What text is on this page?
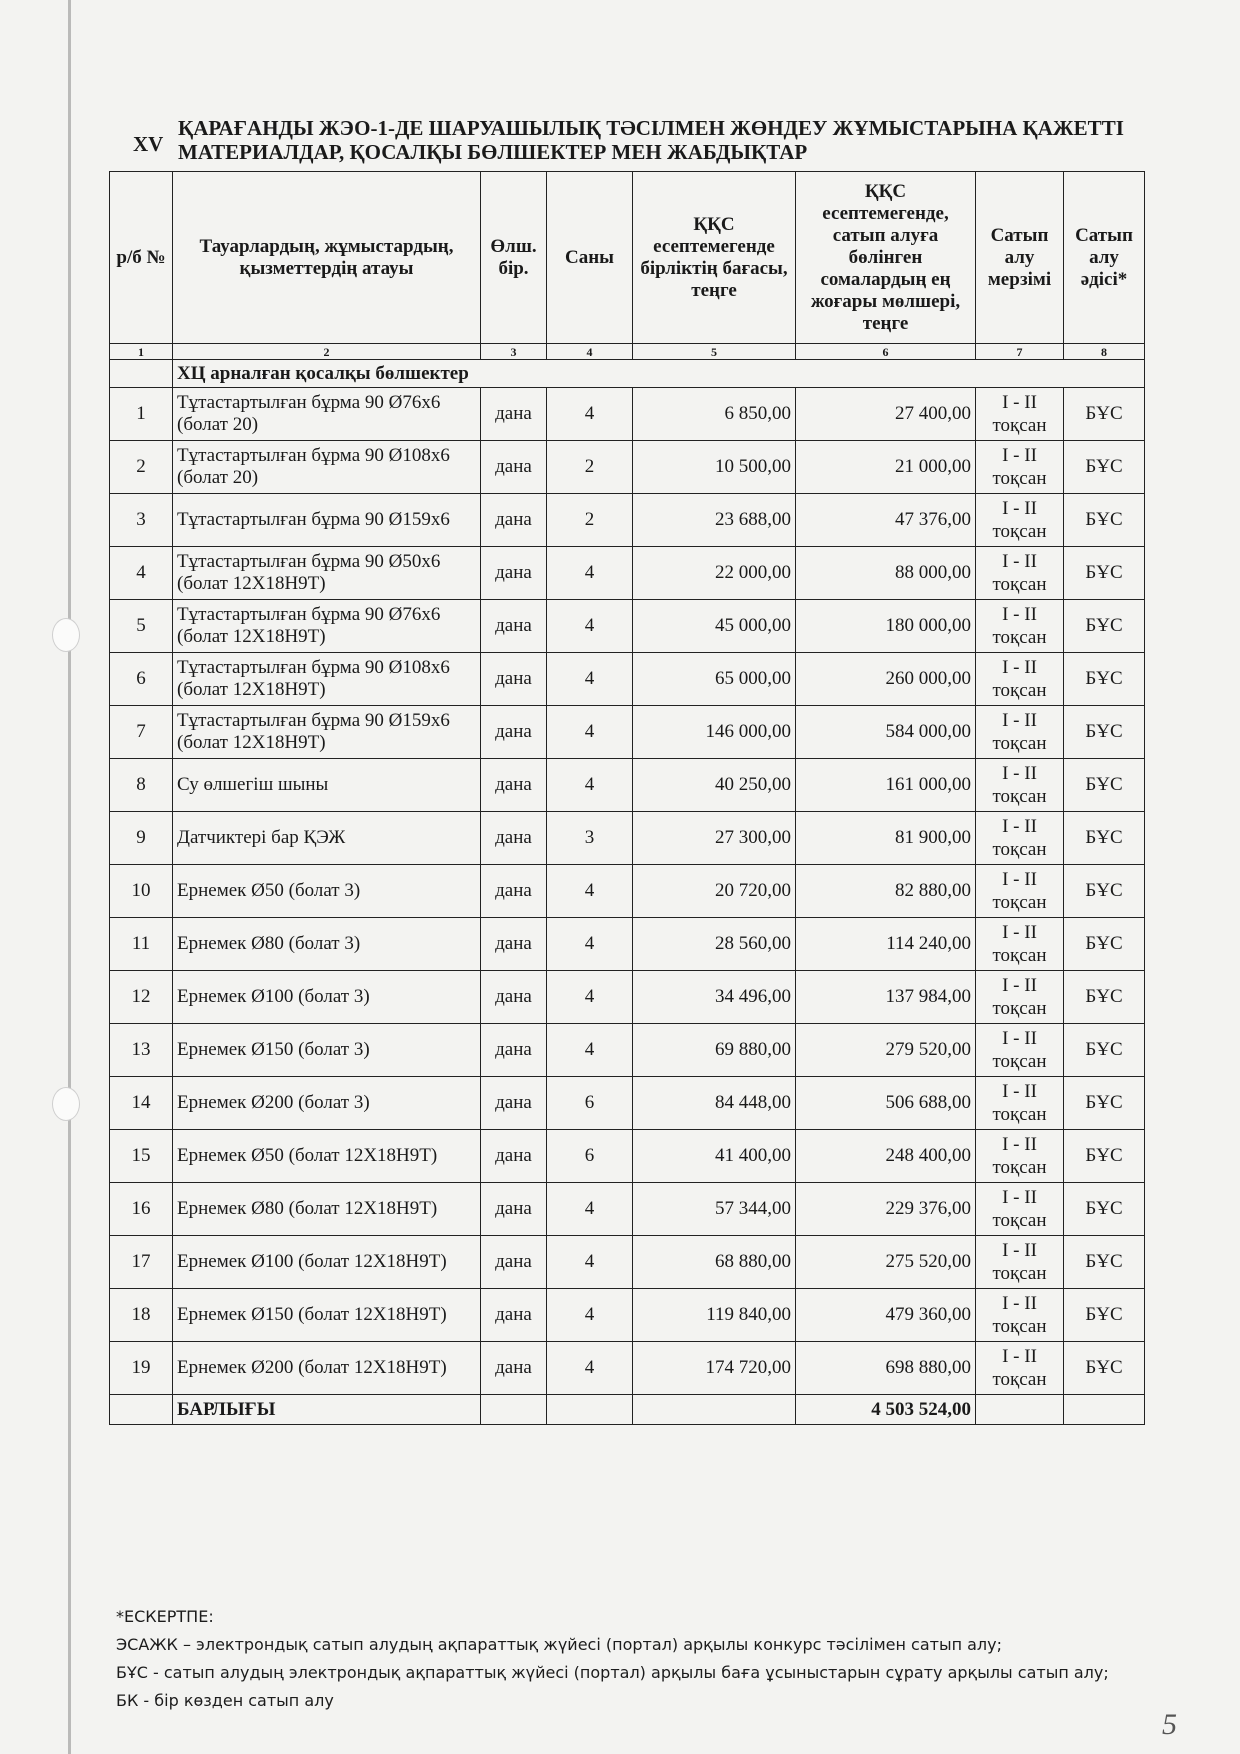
XV
ҚАРАҒАНДЫ ЖЭО-1-ДЕ ШАРУАШЫЛЫҚ ТӘСІЛМЕН ЖӨНДЕУ ЖҰМЫСТАРЫНА ҚАЖЕТТІ
МАТЕРИАЛДАР, ҚОСАЛҚЫ БӨЛШЕКТЕР МЕН ЖАБДЫҚТАР
р/б №	Тауарлардың, жұмыстардың, қызметтердің атауы	Өлш. бір.	Саны	ҚҚС есептемегенде бірліктің бағасы, теңге	ҚҚС есептемегенде, сатып алуға бөлінген сомалардың ең жоғары мөлшері, теңге	Сатып алу мерзімі	Сатып алу әдісі*
1	2	3	4	5	6	7	8
	ХЦ арналған қосалқы бөлшектер						
1	Тұтастартылған бұрма 90 Ø76х6 (болат 20)	дана	4	6 850,00	27 400,00	I - II тоқсан	БҰС
2	Тұтастартылған бұрма 90 Ø108х6 (болат 20)	дана	2	10 500,00	21 000,00	I - II тоқсан	БҰС
3	Тұтастартылған бұрма 90 Ø159х6	дана	2	23 688,00	47 376,00	I - II тоқсан	БҰС
4	Тұтастартылған бұрма 90 Ø50х6 (болат 12Х18Н9Т)	дана	4	22 000,00	88 000,00	I - II тоқсан	БҰС
5	Тұтастартылған бұрма 90 Ø76х6 (болат 12Х18Н9Т)	дана	4	45 000,00	180 000,00	I - II тоқсан	БҰС
6	Тұтастартылған бұрма 90 Ø108х6 (болат 12Х18Н9Т)	дана	4	65 000,00	260 000,00	I - II тоқсан	БҰС
7	Тұтастартылған бұрма 90 Ø159х6 (болат 12Х18Н9Т)	дана	4	146 000,00	584 000,00	I - II тоқсан	БҰС
8	Су өлшегіш шыны	дана	4	40 250,00	161 000,00	I - II тоқсан	БҰС
9	Датчиктері бар ҚЭЖ	дана	3	27 300,00	81 900,00	I - II тоқсан	БҰС
10	Ернемек Ø50 (болат 3)	дана	4	20 720,00	82 880,00	I - II тоқсан	БҰС
11	Ернемек Ø80 (болат 3)	дана	4	28 560,00	114 240,00	I - II тоқсан	БҰС
12	Ернемек Ø100 (болат 3)	дана	4	34 496,00	137 984,00	I - II тоқсан	БҰС
13	Ернемек Ø150 (болат 3)	дана	4	69 880,00	279 520,00	I - II тоқсан	БҰС
14	Ернемек Ø200 (болат 3)	дана	6	84 448,00	506 688,00	I - II тоқсан	БҰС
15	Ернемек Ø50 (болат 12Х18Н9Т)	дана	6	41 400,00	248 400,00	I - II тоқсан	БҰС
16	Ернемек Ø80 (болат 12Х18Н9Т)	дана	4	57 344,00	229 376,00	I - II тоқсан	БҰС
17	Ернемек Ø100 (болат 12Х18Н9Т)	дана	4	68 880,00	275 520,00	I - II тоқсан	БҰС
18	Ернемек Ø150 (болат 12Х18Н9Т)	дана	4	119 840,00	479 360,00	I - II тоқсан	БҰС
19	Ернемек Ø200 (болат 12Х18Н9Т)	дана	4	174 720,00	698 880,00	I - II тоқсан	БҰС
	БАРЛЫҒЫ				4 503 524,00		
*ЕСКЕРТПЕ:
ЭСАЖК – электрондық сатып алудың ақпараттық жүйесі (портал) арқылы конкурс тәсілімен сатып алу;
БҰС - сатып алудың электрондық ақпараттық жүйесі (портал) арқылы баға ұсыныстарын сұрату арқылы сатып алу;
БК - бір көзден сатып алу
5
